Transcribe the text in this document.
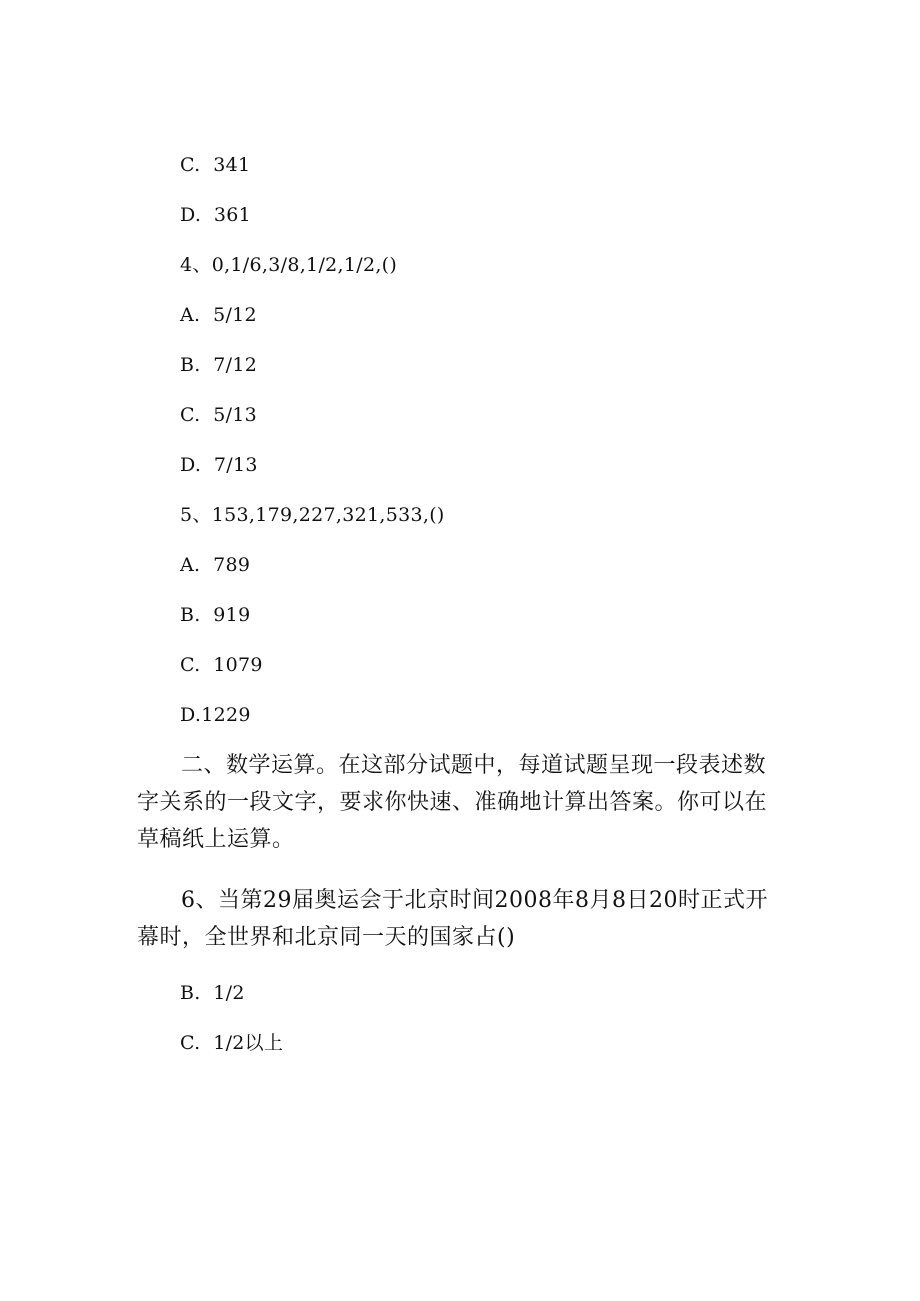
C. 341
D. 361
4、0,1/6,3/8,1/2,1/2,()
A. 5/12
B. 7/12
C. 5/13
D. 7/13
5、153,179,227,321,533,()
A. 789
B. 919
C. 1079
D.1229
二、数学运算。在这部分试题中，每道试题呈现一段表述数字关系的一段文字，要求你快速、准确地计算出答案。你可以在草稿纸上运算。
6、当第29届奥运会于北京时间2008年8月8日20时正式开幕时，全世界和北京同一天的国家占()
B. 1/2
C. 1/2以上
